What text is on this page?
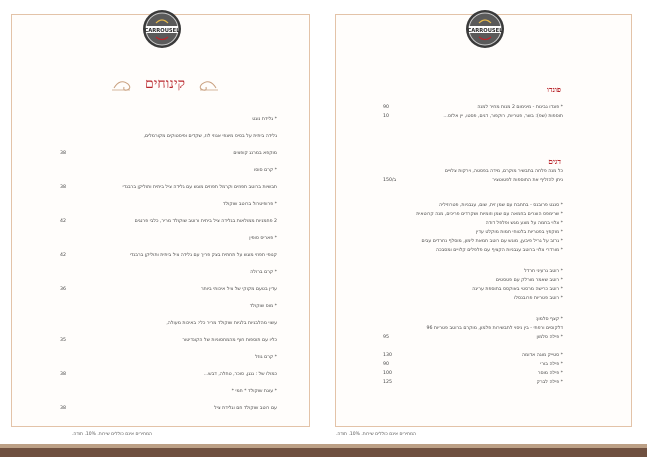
CARROUSEL
קינוחים
* גלידת נוגט
גלידה ביתית על בסיס מיצפי אגוזי לוז, שקדים ופיסטוקים מקורמלים,
מוקפא במרנג קופצים
38
* קרם סוסו
תבשיות ברוטב תפוזים וקרמל תפוזים מוגש עם גלידה ציל ביתית ותוליקן ברבנדי
38
* פרופיטרול ברוטב שוקולד
2 פחמניות ממולאות בגלידה ציל ביתית ורוטב שוקולד מריר, כלבי פרנגים
42
* פאריס סופין
קנופי תפוזי מוגש על תחתית בצק פריך עם גלידה ציל ביתית ותוליקן ברבנדי
42
* קרם ברולה
עדין בטעם מקוקי של ציל איכותי ביותר
36
* מוס שוקולד
עשוי מהלבניות בלגיות שוקולד מריר כלי: באיכות מעולה,
כליו עם תוספות חוף מהמחסוניות של הקונדיטור
35
* קרם גוזל
כמולו של : גנגן, סוכר, טחלה, דבש...
38
* עוגת שוקולד * חמי *
עם רוטב שוקולד חם וגלידת ציל
38
CARROUSEL
פונדו
* פונדו גבינות - מינימום 2 מנות מחיר למנה
90
תוספות (שפ): בשר, פטריות, רוקפור, דגים, פסטו, יין אלזס...
10
דגים
כל מנה פלחה בתבשיר מוקרם, מידה בפסטה, וירקות צלויים
ניתן להזליף את התוספות לפטוטציר
ב/150
* סנגט פרובנס - בתחבת עם שמן זית, שום, עגבניות, פטרוזיליה
* שרימפס הוצרים בחמאה עם שמן וזומיות ושקרדים פריכים, מנה קרוטאית
* צלוי בחמה על מצע מגש ופלפל דודה
* מוקפץ בפטריות בלטוחי חמות מוקלט עדין
* גרזב על גריל פיבען, מוגש עם רוטב חמאת לימון, מוסלף נחרדים עבים
* מורדרי צלוי ברוטב עגבניות הקציף עם פלפלים קלויים ומסבכה
* רוטב גרעיני חרדל
* רוטב שאמר מורלק עם פטסטים
* רוטב כרישה מרסטי באוקסס בתוספת עריגה
* רוטב פטריות פרובנסלו
* קצף סלמון:
דלקוסים ורפתי - בין ניסוי לתבשירות פלמון, מוקרם ברוטב פטריות 96
* פילה סלמון
95
* סטייק מוגה אדומה
130
* פילה בורי
90
* פילה מוסר
100
* פילה לברק
125
המחירים אינם כוללים שירות. 10%. תודה.	המחירים אינם כוללים שירות. 10%. תודה.
